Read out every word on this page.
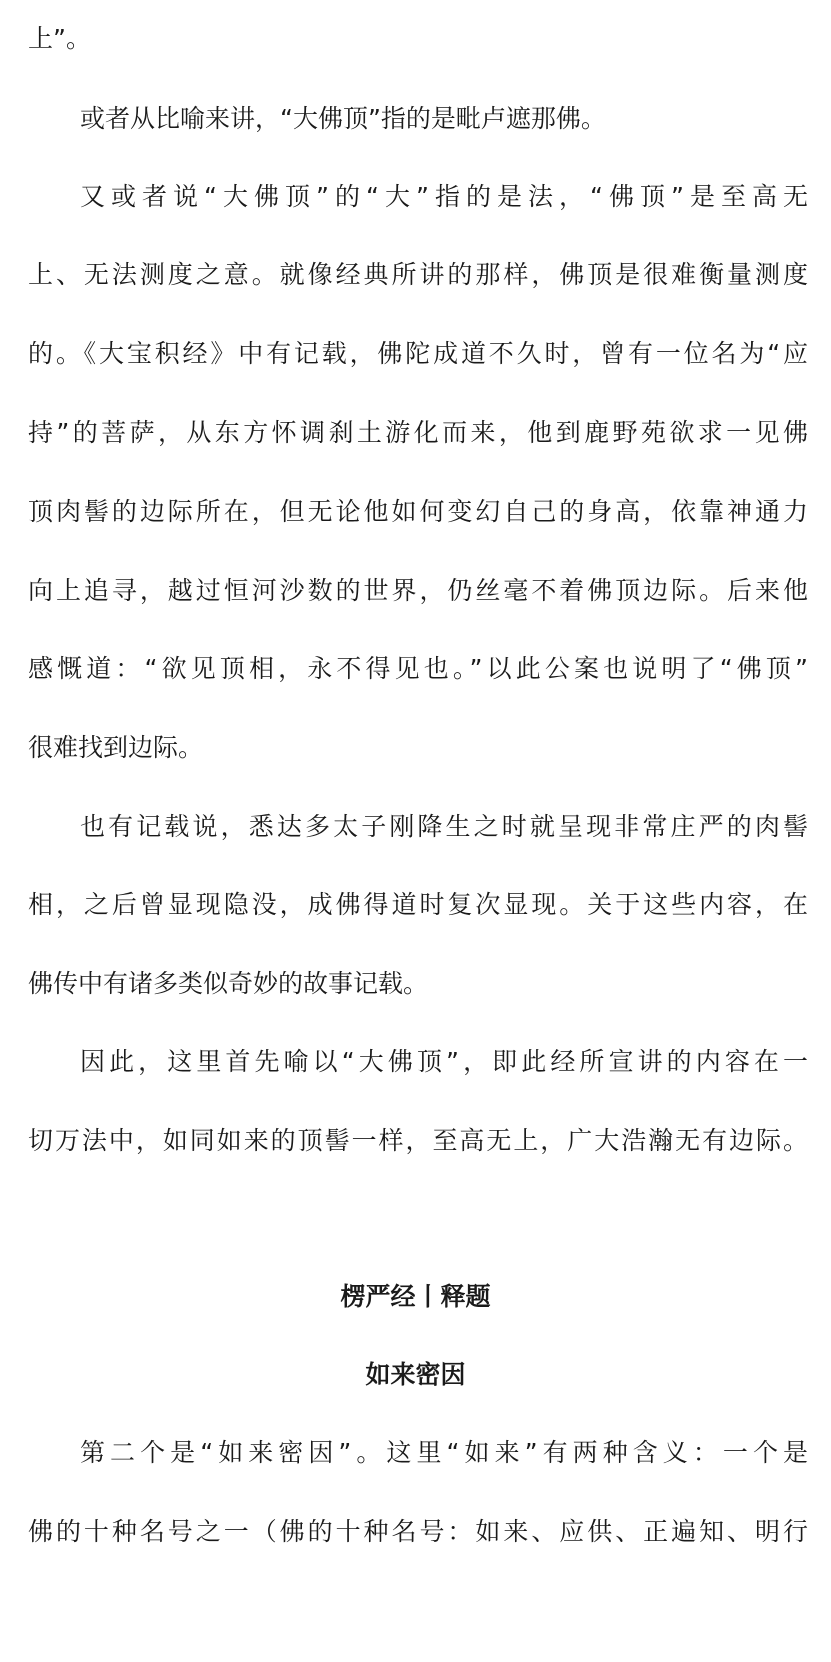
上”。
或者从比喻来讲，“大佛顶”指的是毗卢遮那佛。
又或者说“大佛顶”的“大”指的是法，“佛顶”是至高无
上、无法测度之意。就像经典所讲的那样，佛顶是很难衡量测度
的。《大宝积经》中有记载，佛陀成道不久时，曾有一位名为“应
持”的菩萨，从东方怀调刹土游化而来，他到鹿野苑欲求一见佛
顶肉髻的边际所在，但无论他如何变幻自己的身高，依靠神通力
向上追寻，越过恒河沙数的世界，仍丝毫不着佛顶边际。后来他
感慨道：“欲见顶相，永不得见也。”以此公案也说明了“佛顶”
很难找到边际。
也有记载说，悉达多太子刚降生之时就呈现非常庄严的肉髻
相，之后曾显现隐没，成佛得道时复次显现。关于这些内容，在
佛传中有诸多类似奇妙的故事记载。
因此，这里首先喻以“大佛顶”，即此经所宣讲的内容在一
切万法中，如同如来的顶髻一样，至高无上，广大浩瀚无有边际。
楞严经丨释题
如来密因
第二个是“如来密因”。这里“如来”有两种含义：一个是
佛的十种名号之一（佛的十种名号：如来、应供、正遍知、明行
